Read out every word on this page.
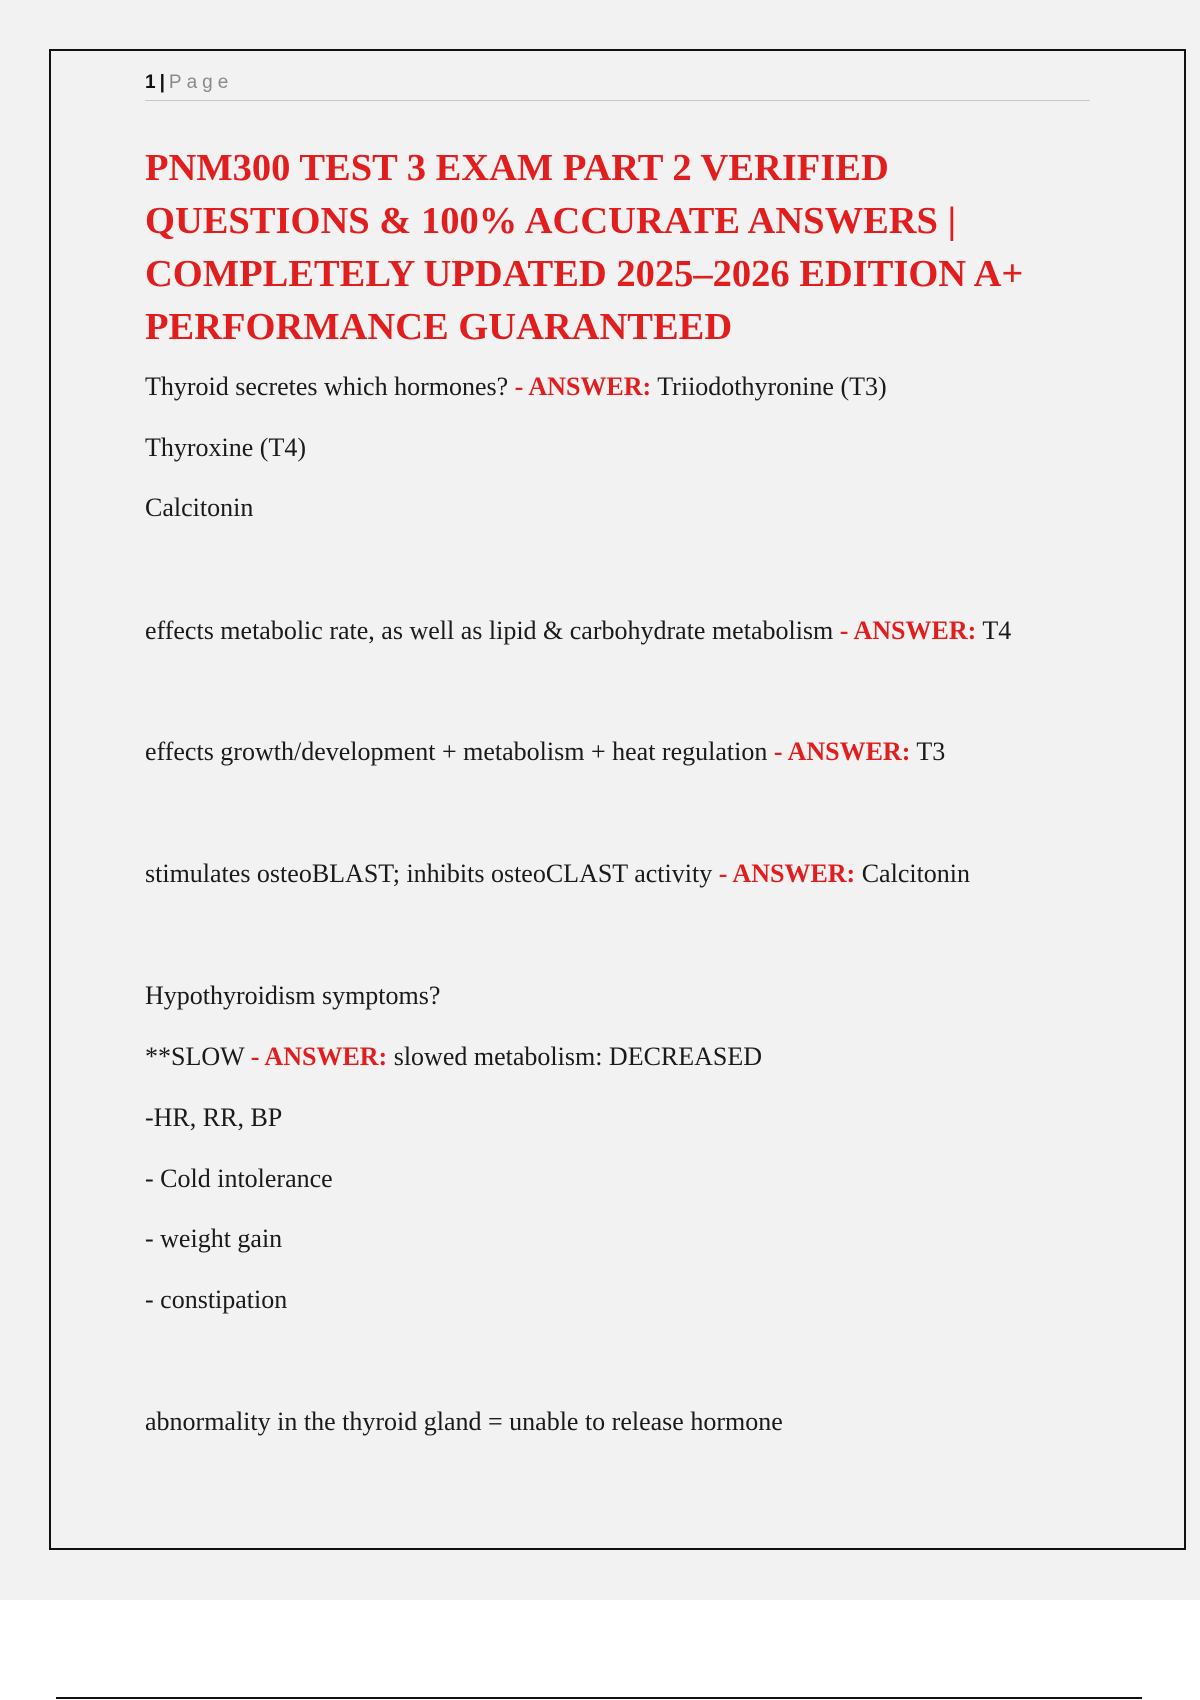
1 | Page
PNM300 TEST 3 EXAM PART 2 VERIFIED QUESTIONS & 100% ACCURATE ANSWERS | COMPLETELY UPDATED 2025–2026 EDITION A+ PERFORMANCE GUARANTEED
Thyroid secretes which hormones? - ANSWER: Triiodothyronine (T3)
Thyroxine (T4)
Calcitonin
effects metabolic rate, as well as lipid & carbohydrate metabolism - ANSWER: T4
effects growth/development + metabolism + heat regulation - ANSWER: T3
stimulates osteoBLAST; inhibits osteoCLAST activity - ANSWER: Calcitonin
Hypothyroidism symptoms?
**SLOW - ANSWER: slowed metabolism: DECREASED
-HR, RR, BP
- Cold intolerance
- weight gain
- constipation
abnormality in the thyroid gland = unable to release hormone
